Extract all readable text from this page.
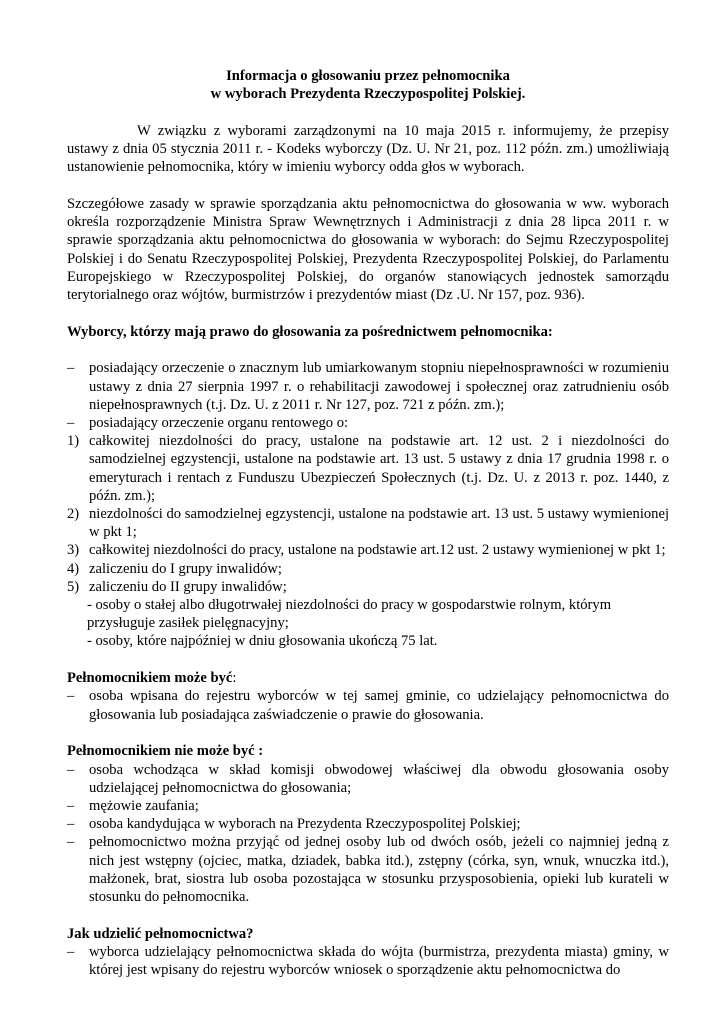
Informacja o głosowaniu przez pełnomocnika

w wyborach Prezydenta Rzeczypospolitej Polskiej.

W związku z wyborami zarządzonymi na 10 maja 2015 r. informujemy, że przepisy ustawy z dnia 05 stycznia 2011 r. - Kodeks wyborczy (Dz. U. Nr 21, poz. 112 późn. zm.) umożliwiają ustanowienie pełnomocnika, który w imieniu wyborcy odda głos w wyborach.

Szczegółowe zasady w sprawie sporządzania aktu pełnomocnictwa do głosowania w ww. wyborach określa rozporządzenie Ministra Spraw Wewnętrznych i Administracji z dnia 28 lipca 2011 r. w sprawie sporządzania aktu pełnomocnictwa do głosowania w wyborach: do Sejmu Rzeczypospolitej Polskiej i do Senatu Rzeczypospolitej Polskiej, Prezydenta Rzeczypospolitej Polskiej, do Parlamentu Europejskiego w Rzeczypospolitej Polskiej, do organów stanowiących jednostek samorządu terytorialnego oraz wójtów, burmistrzów i prezydentów miast (Dz .U. Nr 157, poz. 936).

Wyborcy, którzy mają prawo do głosowania za pośrednictwem pełnomocnika:

– posiadający orzeczenie o znacznym lub umiarkowanym stopniu niepełnosprawności w rozumieniu ustawy z dnia 27 sierpnia 1997 r. o rehabilitacji zawodowej i społecznej oraz zatrudnieniu osób niepełnosprawnych (t.j. Dz. U. z 2011 r. Nr 127, poz. 721 z późn. zm.);
– posiadający orzeczenie organu rentowego o:
1) całkowitej niezdolności do pracy, ustalone na podstawie art. 12 ust. 2 i niezdolności do samodzielnej egzystencji, ustalone na podstawie art. 13 ust. 5 ustawy z dnia 17 grudnia 1998 r. o emeryturach i rentach z Funduszu Ubezpieczeń Społecznych (t.j. Dz. U. z 2013 r. poz. 1440, z późn. zm.);
2) niezdolności do samodzielnej egzystencji, ustalone na podstawie art. 13 ust. 5 ustawy wymienionej w pkt 1;
3) całkowitej niezdolności do pracy, ustalone na podstawie art.12 ust. 2 ustawy wymienionej w pkt 1;
4) zaliczeniu do I grupy inwalidów;
5) zaliczeniu do II grupy inwalidów;

- osoby o stałej albo długotrwałej niezdolności do pracy w gospodarstwie rolnym, którym przysługuje zasiłek pielęgnacyjny;

- osoby, które najpóźniej w dniu głosowania ukończą 75 lat.

Pełnomocnikiem może być:

– osoba wpisana do rejestru wyborców w tej samej gminie, co udzielający pełnomocnictwa do głosowania lub posiadająca zaświadczenie o prawie do głosowania.

Pełnomocnikiem nie może być :

– osoba wchodząca w skład komisji obwodowej właściwej dla obwodu głosowania osoby udzielającej pełnomocnictwa do głosowania;
– mężowie zaufania;
– osoba kandydująca w wyborach na Prezydenta Rzeczypospolitej Polskiej;
– pełnomocnictwo można przyjąć od jednej osoby lub od dwóch osób, jeżeli co najmniej jedną z nich jest wstępny (ojciec, matka, dziadek, babka itd.), zstępny (córka, syn, wnuk, wnuczka itd.), małżonek, brat, siostra lub osoba pozostająca w stosunku przysposobienia, opieki lub kurateli w stosunku do pełnomocnika.

Jak udzielić pełnomocnictwa?

– wyborca udzielający pełnomocnictwa składa do wójta (burmistrza, prezydenta miasta) gminy, w której jest wpisany do rejestru wyborców wniosek o sporządzenie aktu pełnomocnictwa do
